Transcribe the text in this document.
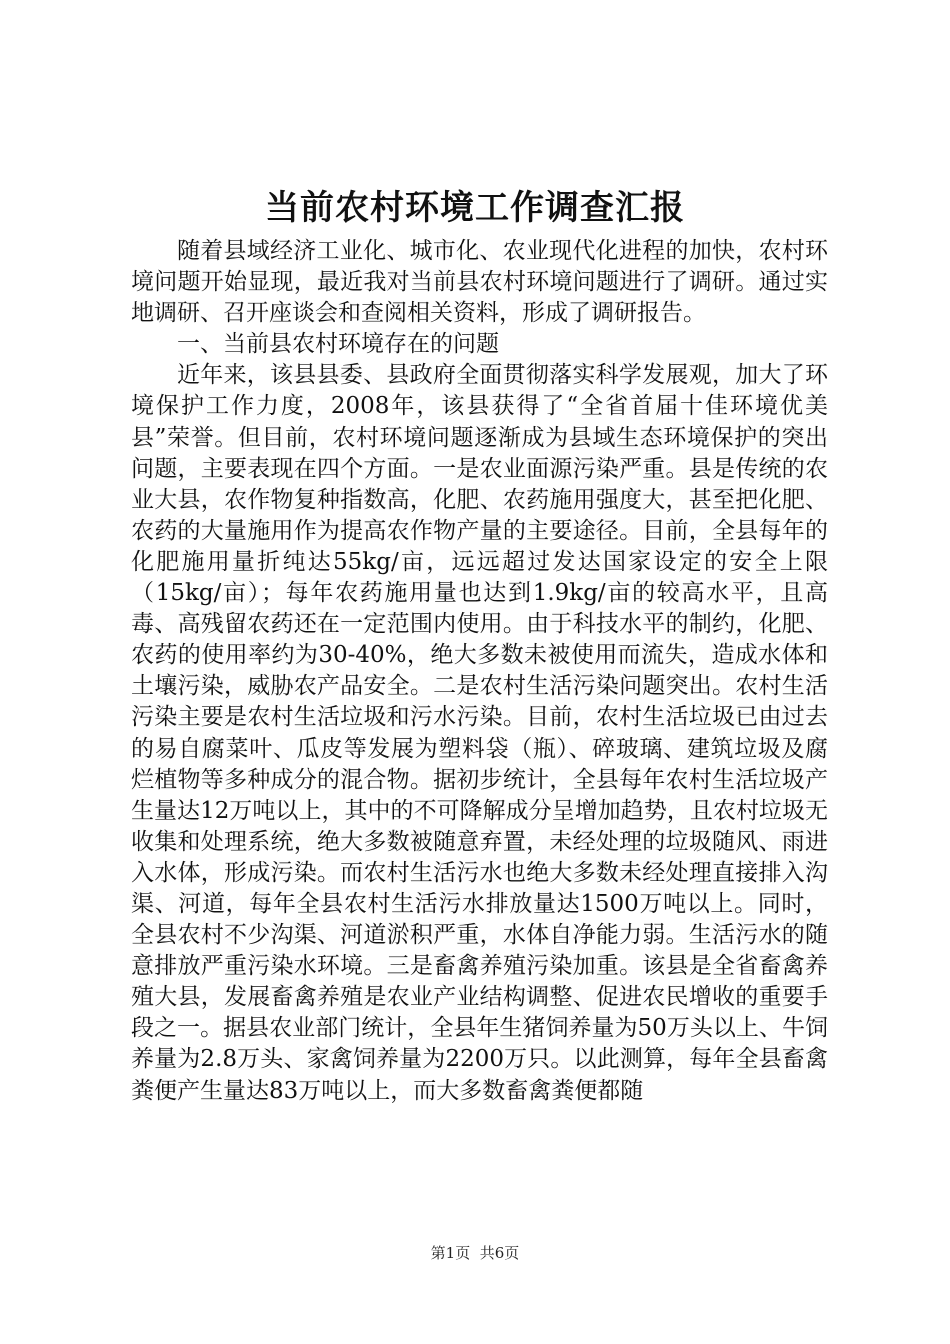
当前农村环境工作调查汇报

随着县域经济工业化、城市化、农业现代化进程的加快，农村环境问题开始显现，最近我对当前县农村环境问题进行了调研。通过实地调研、召开座谈会和查阅相关资料，形成了调研报告。

一、当前县农村环境存在的问题

近年来，该县县委、县政府全面贯彻落实科学发展观，加大了环境保护工作力度，2008年，该县获得了“全省首届十佳环境优美县”荣誉。但目前，农村环境问题逐渐成为县域生态环境保护的突出问题，主要表现在四个方面。一是农业面源污染严重。县是传统的农业大县，农作物复种指数高，化肥、农药施用强度大，甚至把化肥、农药的大量施用作为提高农作物产量的主要途径。目前，全县每年的化肥施用量折纯达55kg/亩，远远超过发达国家设定的安全上限（15kg/亩）；每年农药施用量也达到1.9kg/亩的较高水平，且高毒、高残留农药还在一定范围内使用。由于科技水平的制约，化肥、农药的使用率约为30-40%，绝大多数未被使用而流失，造成水体和土壤污染，威胁农产品安全。二是农村生活污染问题突出。农村生活污染主要是农村生活垃圾和污水污染。目前，农村生活垃圾已由过去的易自腐菜叶、瓜皮等发展为塑料袋（瓶）、碎玻璃、建筑垃圾及腐烂植物等多种成分的混合物。据初步统计，全县每年农村生活垃圾产生量达12万吨以上，其中的不可降解成分呈增加趋势，且农村垃圾无收集和处理系统，绝大多数被随意弃置，未经处理的垃圾随风、雨进入水体，形成污染。而农村生活污水也绝大多数未经处理直接排入沟渠、河道，每年全县农村生活污水排放量达1500万吨以上。同时，全县农村不少沟渠、河道淤积严重，水体自净能力弱。生活污水的随意排放严重污染水环境。三是畜禽养殖污染加重。该县是全省畜禽养殖大县，发展畜禽养殖是农业产业结构调整、促进农民增收的重要手段之一。据县农业部门统计，全县年生猪饲养量为50万头以上、牛饲养量为2.8万头、家禽饲养量为2200万只。以此测算，每年全县畜禽粪便产生量达83万吨以上，而大多数畜禽粪便都随

第1页 共6页
